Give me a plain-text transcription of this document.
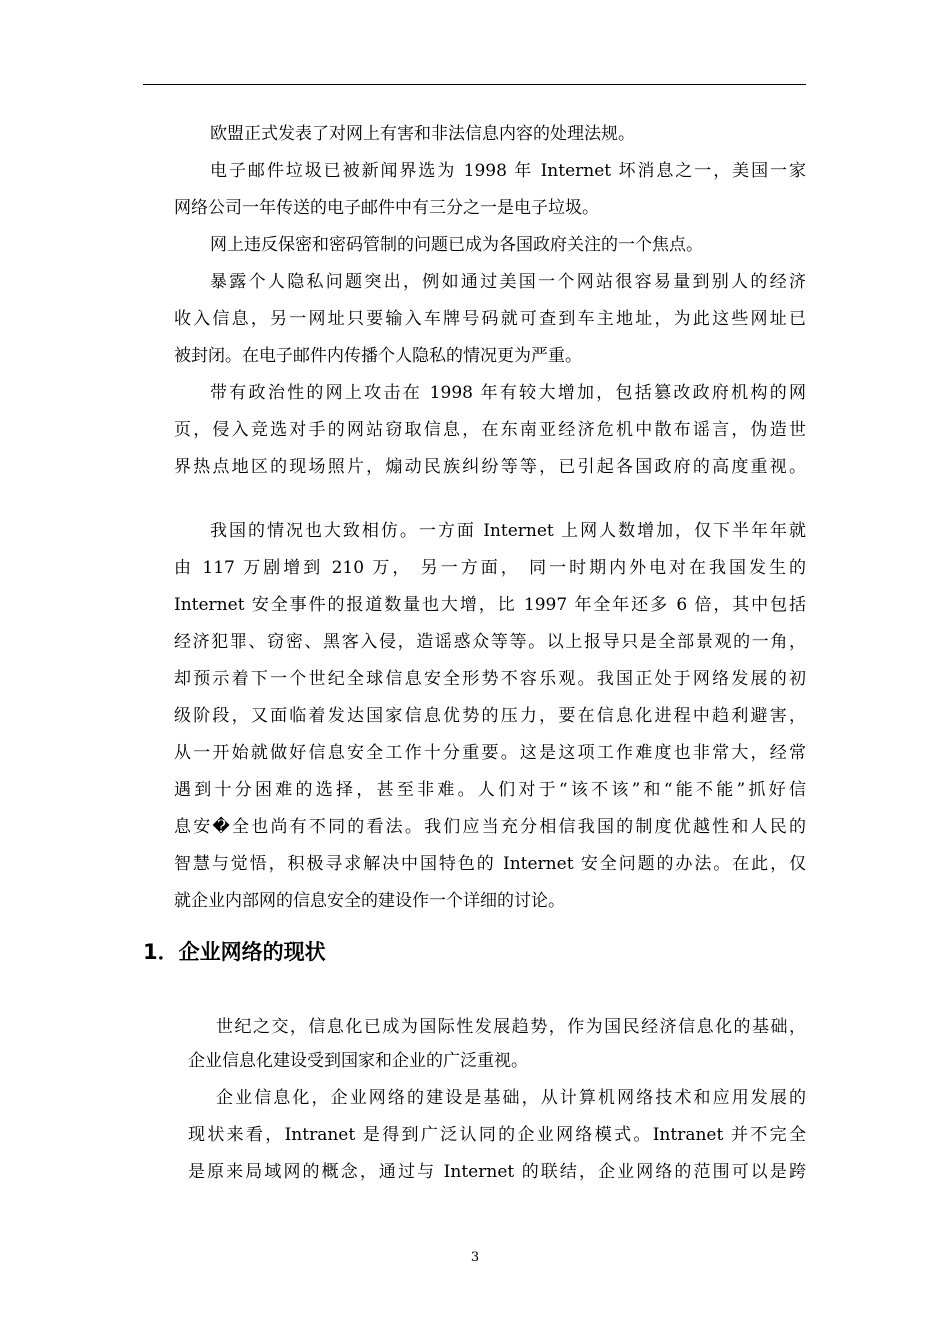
欧盟正式发表了对网上有害和非法信息内容的处理法规。
电子邮件垃圾已被新闻界选为 1998 年 Internet 坏消息之一，美国一家
网络公司一年传送的电子邮件中有三分之一是电子垃圾。
网上违反保密和密码管制的问题已成为各国政府关注的一个焦点。
暴露个人隐私问题突出，例如通过美国一个网站很容易量到别人的经济
收入信息，另一网址只要输入车牌号码就可查到车主地址，为此这些网址已
被封闭。在电子邮件内传播个人隐私的情况更为严重。
带有政治性的网上攻击在 1998 年有较大增加，包括篡改政府机构的网
页，侵入竞选对手的网站窃取信息，在东南亚经济危机中散布谣言，伪造世
界热点地区的现场照片，煽动民族纠纷等等，已引起各国政府的高度重视。
我国的情况也大致相仿。一方面 Internet 上网人数增加，仅下半年年就
由 117 万剧增到 210 万， 另一方面， 同一时期内外电对在我国发生的
Internet 安全事件的报道数量也大增，比 1997 年全年还多 6 倍，其中包括
经济犯罪、窃密、黑客入侵，造谣惑众等等。以上报导只是全部景观的一角，
却预示着下一个世纪全球信息安全形势不容乐观。我国正处于网络发展的初
级阶段，又面临着发达国家信息优势的压力，要在信息化进程中趋利避害，
从一开始就做好信息安全工作十分重要。这是这项工作难度也非常大，经常
遇到十分困难的选择，甚至非难。人们对于“该不该”和“能不能”抓好信
息安�全也尚有不同的看法。我们应当充分相信我国的制度优越性和人民的
智慧与觉悟，积极寻求解决中国特色的 Internet 安全问题的办法。在此，仅
就企业内部网的信息安全的建设作一个详细的讨论。
1．企业网络的现状
世纪之交，信息化已成为国际性发展趋势，作为国民经济信息化的基础，
企业信息化建设受到国家和企业的广泛重视。
企业信息化，企业网络的建设是基础，从计算机网络技术和应用发展的
现状来看，Intranet 是得到广泛认同的企业网络模式。Intranet 并不完全
是原来局域网的概念，通过与 Internet 的联结，企业网络的范围可以是跨
3
